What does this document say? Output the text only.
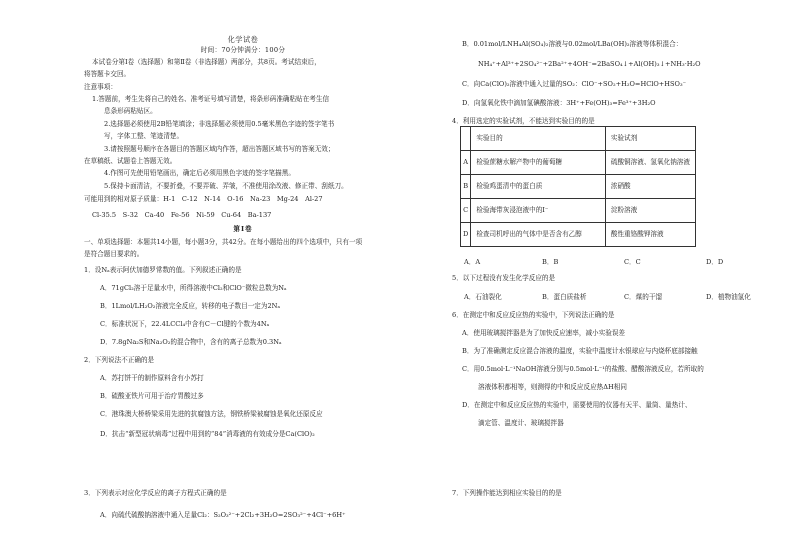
化学试卷
时间：70分钟满分：100分
本试卷分第Ⅰ卷（选择题）和第Ⅱ卷（非选择题）两部分，共8页。考试结束后，
将答题卡交回。
注意事项：
1.答题前，考生先将自己的姓名、准考证号填写清楚，将条形码准确粘贴在考生信
息条形码粘贴区。
2.选择题必须使用2B铅笔填涂；非选择题必须使用0.5毫米黑色字迹的签字笔书
写，字体工整、笔迹清楚。
3.请按照题号顺序在各题目的答题区域内作答，超出答题区域书写的答案无效；
在草稿纸、试题卷上答题无效。
4.作图可先使用铅笔画出，确定后必须用黑色字迹的签字笔描黑。
5.保持卡面清洁，不要折叠，不要弄破、弄皱，不准使用涂改液、修正带、刮纸刀。
可能用到的相对原子质量：H-1　C-12　N-14　O-16　Na-23　Mg-24　Al-27
Cl-35.5　S-32　Ca-40　Fe-56　Ni-59　Cu-64　Ba-137
第Ⅰ卷
一、单项选择题：本题共14小题，每小题3分，共42分。在每小题给出的四个选项中，只有一项
是符合题目要求的。
1．设Nₐ表示阿伏加德罗常数的值。下列叙述正确的是
A．71gCl₂溶于足量水中，所得溶液中Cl₂和ClO⁻微粒总数为Nₐ
B．1Lmol/LH₂O₂溶液完全反应，转移的电子数目一定为2Nₐ
C．标准状况下，22.4LCCl₄中含有C－Cl键的个数为4Nₐ
D．7.8gNa₂S和Na₂O₂的混合物中，含有的离子总数为0.3Nₐ
2．下列说法不正确的是
A．苏打饼干的制作原料含有小苏打
B．硫酸亚铁片可用于治疗胃酸过多
C．港珠澳大桥桥梁采用先进的抗腐蚀方法，钢铁桥梁被腐蚀是氧化还原反应
D．抗击“新型冠状病毒”过程中用到的“84”消毒液的有效成分是Ca(ClO)₂
3．下列表示对应化学反应的离子方程式正确的是
A．向硫代硫酸钠溶液中通入足量Cl₂：S₂O₃²⁻+2Cl₂+3H₂O=2SO₃²⁻+4Cl⁻+6H⁺
B．0.01mol/LNH₄Al(SO₄)₂溶液与0.02mol/LBa(OH)₂溶液等体积混合：
NH₄⁺+Al³⁺+2SO₄²⁻+2Ba²⁺+4OH⁻=2BaSO₄↓+Al(OH)₃↓+NH₃·H₂O
C．向Ca(ClO)₂溶液中通入过量的SO₂：ClO⁻+SO₂+H₂O=HClO+HSO₃⁻
D．向氢氧化铁中滴加氢碘酸溶液：3H⁺+Fe(OH)₃=Fe³⁺+3H₂O
4．利用选定的实验试剂，不能达到实验目的的是
	实验目的	实验试剂
A	检验蔗糖水解产物中的葡萄糖	硫酸铜溶液、氢氧化钠溶液
B	检验鸡蛋清中的蛋白质	浓硝酸
C	检验海带灰浸泡液中的I⁻	淀粉溶液
D	检查司机呼出的气体中是否含有乙醇	酸性重铬酸钾溶液
A．A	B．B	C．C	D．D
5．以下过程没有发生化学反应的是
A．石油裂化	B．蛋白质盐析	C．煤的干馏	D．植物油氢化
6．在测定中和反应反应热的实验中，下列说法正确的是
A．使用玻璃搅拌器是为了加快反应速率，减小实验误差
B．为了准确测定反应混合溶液的温度，实验中温度计水银球应与内烧杯底部接触
C．用0.5mol·L⁻¹NaOH溶液分别与0.5mol·L⁻¹的盐酸、醋酸溶液反应，若所取的
溶液体积都相等，则测得的中和反应反应热ΔH相同
D．在测定中和反应反应热的实验中，需要使用的仪器有天平、量筒、量热计、
滴定管、温度计、玻璃搅拌器
7．下列操作能达到相应实验目的的是
